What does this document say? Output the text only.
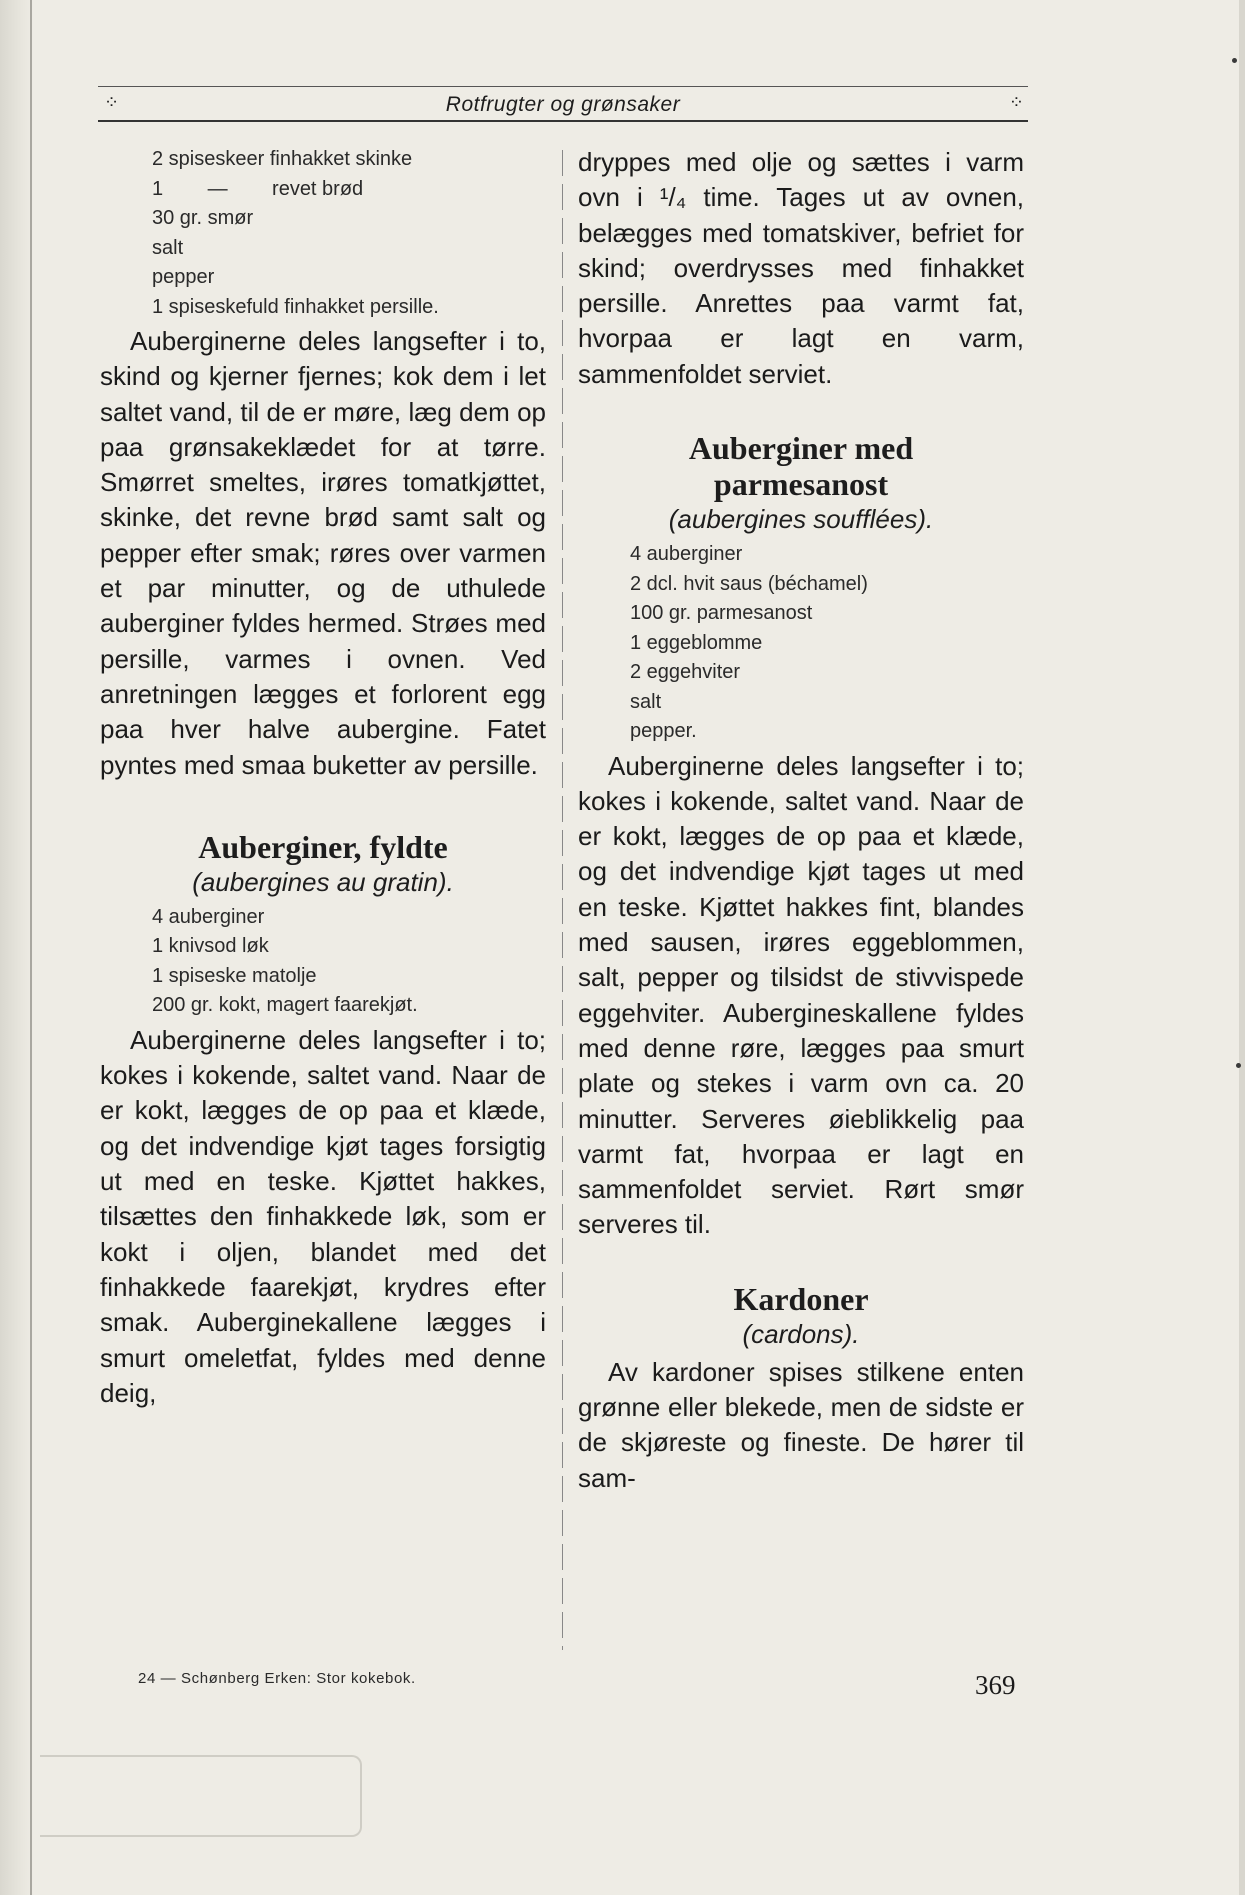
⁘	Rotfrugter og grønsaker	⁘
2 spiseskeer finhakket skinke
1        —        revet brød
30 gr. smør
salt
pepper
1 spiseskefuld finhakket persille.

Auberginerne deles langsefter i to, skind og kjerner fjernes; kok dem i let saltet vand, til de er møre, læg dem op paa grønsakeklædet for at tørre. Smørret smeltes, irøres tomatkjøttet, skinke, det revne brød samt salt og pepper efter smak; røres over varmen et par minutter, og de uthulede auberginer fyldes hermed. Strøes med persille, varmes i ovnen. Ved anretningen lægges et forlorent egg paa hver halve aubergine. Fatet pyntes med smaa buketter av persille.

Auberginer, fyldte

(aubergines au gratin).

4 auberginer
1 knivsod løk
1 spiseske matolje
200 gr. kokt, magert faarekjøt.

Auberginerne deles langsefter i to; kokes i kokende, saltet vand. Naar de er kokt, lægges de op paa et klæde, og det indvendige kjøt tages forsigtig ut med en teske. Kjøttet hakkes, tilsættes den finhakkede løk, som er kokt i oljen, blandet med det finhakkede faarekjøt, krydres efter smak. Auberginekallene lægges i smurt omeletfat, fyldes med denne deig,

dryppes med olje og sættes i varm ovn i ¹/₄ time. Tages ut av ovnen, belægges med tomatskiver, befriet for skind; overdrysses med finhakket persille. Anrettes paa varmt fat, hvorpaa er lagt en varm, sammenfoldet serviet.

Auberginer med parmesanost

(aubergines soufflées).

4 auberginer
2 dcl. hvit saus (béchamel)
100 gr. parmesanost
1 eggeblomme
2 eggehviter
salt
pepper.

Auberginerne deles langsefter i to; kokes i kokende, saltet vand. Naar de er kokt, lægges de op paa et klæde, og det indvendige kjøt tages ut med en teske. Kjøttet hakkes fint, blandes med sausen, irøres eggeblommen, salt, pepper og tilsidst de stivvispede eggehviter. Aubergineskallene fyldes med denne røre, lægges paa smurt plate og stekes i varm ovn ca. 20 minutter. Serveres øieblikkelig paa varmt fat, hvorpaa er lagt en sammenfoldet serviet. Rørt smør serveres til.

Kardoner

(cardons).

Av kardoner spises stilkene enten grønne eller blekede, men de sidste er de skjøreste og fineste. De hører til sam-

24 — Schønberg Erken: Stor kokebok.	369
